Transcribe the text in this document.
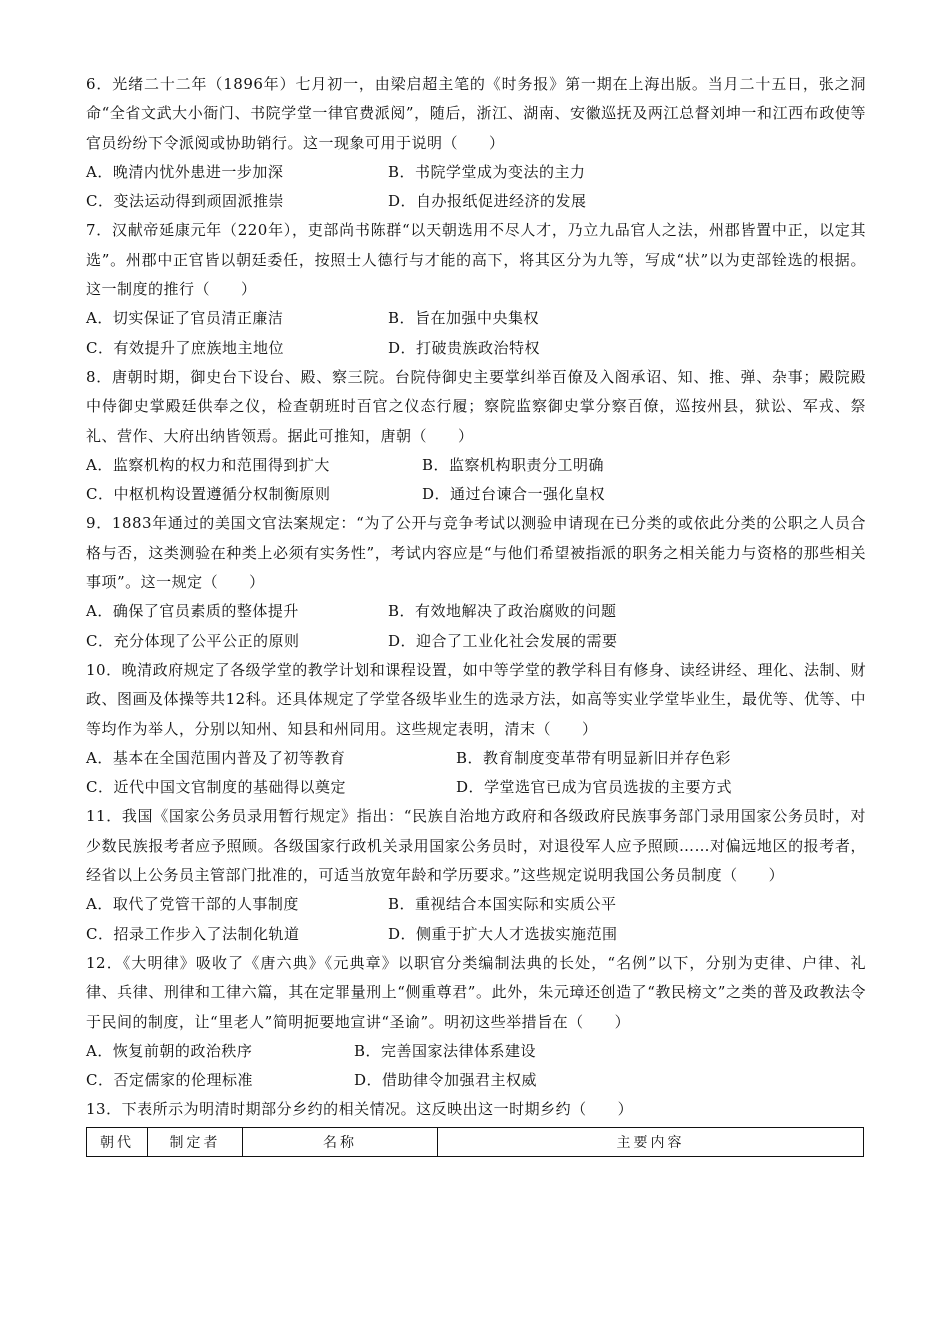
6．光绪二十二年（1896年）七月初一，由梁启超主笔的《时务报》第一期在上海出版。当月二十五日，张之洞命“全省文武大小衙门、书院学堂一律官费派阅”，随后，浙江、湖南、安徽巡抚及两江总督刘坤一和江西布政使等官员纷纷下令派阅或协助销行。这一现象可用于说明（　　）

A．晚清内忧外患进一步加深	B．书院学堂成为变法的主力
C．变法运动得到顽固派推崇	D．自办报纸促进经济的发展

7．汉献帝延康元年（220年），吏部尚书陈群“以天朝选用不尽人才，乃立九品官人之法，州郡皆置中正，以定其选”。州郡中正官皆以朝廷委任，按照士人德行与才能的高下，将其区分为九等，写成“状”以为吏部铨选的根据。这一制度的推行（　　）

A．切实保证了官员清正廉洁	B．旨在加强中央集权
C．有效提升了庶族地主地位	D．打破贵族政治特权

8．唐朝时期，御史台下设台、殿、察三院。台院侍御史主要掌纠举百僚及入阁承诏、知、推、弹、杂事；殿院殿中侍御史掌殿廷供奉之仪，检查朝班时百官之仪态行履；察院监察御史掌分察百僚，巡按州县，狱讼、军戎、祭礼、营作、大府出纳皆领焉。据此可推知，唐朝（　　）

A．监察机构的权力和范围得到扩大	B．监察机构职责分工明确
C．中枢机构设置遵循分权制衡原则	D．通过台谏合一强化皇权

9．1883年通过的美国文官法案规定：“为了公开与竞争考试以测验申请现在已分类的或依此分类的公职之人员合格与否，这类测验在种类上必须有实务性”，考试内容应是“与他们希望被指派的职务之相关能力与资格的那些相关事项”。这一规定（　　）

A．确保了官员素质的整体提升	B．有效地解决了政治腐败的问题
C．充分体现了公平公正的原则	D．迎合了工业化社会发展的需要

10．晚清政府规定了各级学堂的教学计划和课程设置，如中等学堂的教学科目有修身、读经讲经、理化、法制、财政、图画及体操等共12科。还具体规定了学堂各级毕业生的选录方法，如高等实业学堂毕业生，最优等、优等、中等均作为举人，分别以知州、知县和州同用。这些规定表明，清末（　　）

A．基本在全国范围内普及了初等教育	B．教育制度变革带有明显新旧并存色彩
C．近代中国文官制度的基础得以奠定	D．学堂选官已成为官员选拔的主要方式

11．我国《国家公务员录用暂行规定》指出：“民族自治地方政府和各级政府民族事务部门录用国家公务员时，对少数民族报考者应予照顾。各级国家行政机关录用国家公务员时，对退役军人应予照顾……对偏远地区的报考者，经省以上公务员主管部门批准的，可适当放宽年龄和学历要求。”这些规定说明我国公务员制度（　　）

A．取代了党管干部的人事制度	B．重视结合本国实际和实质公平
C．招录工作步入了法制化轨道	D．侧重于扩大人才选拔实施范围

12．《大明律》吸收了《唐六典》《元典章》以职官分类编制法典的长处，“名例”以下，分别为吏律、户律、礼律、兵律、刑律和工律六篇，其在定罪量刑上“侧重尊君”。此外，朱元璋还创造了“教民榜文”之类的普及政教法令于民间的制度，让“里老人”简明扼要地宣讲“圣谕”。明初这些举措旨在（　　）

A．恢复前朝的政治秩序	B．完善国家法律体系建设
C．否定儒家的伦理标准	D．借助律令加强君主权威

13．下表所示为明清时期部分乡约的相关情况。这反映出这一时期乡约（　　）

朝代	制定者	名称	主要内容
